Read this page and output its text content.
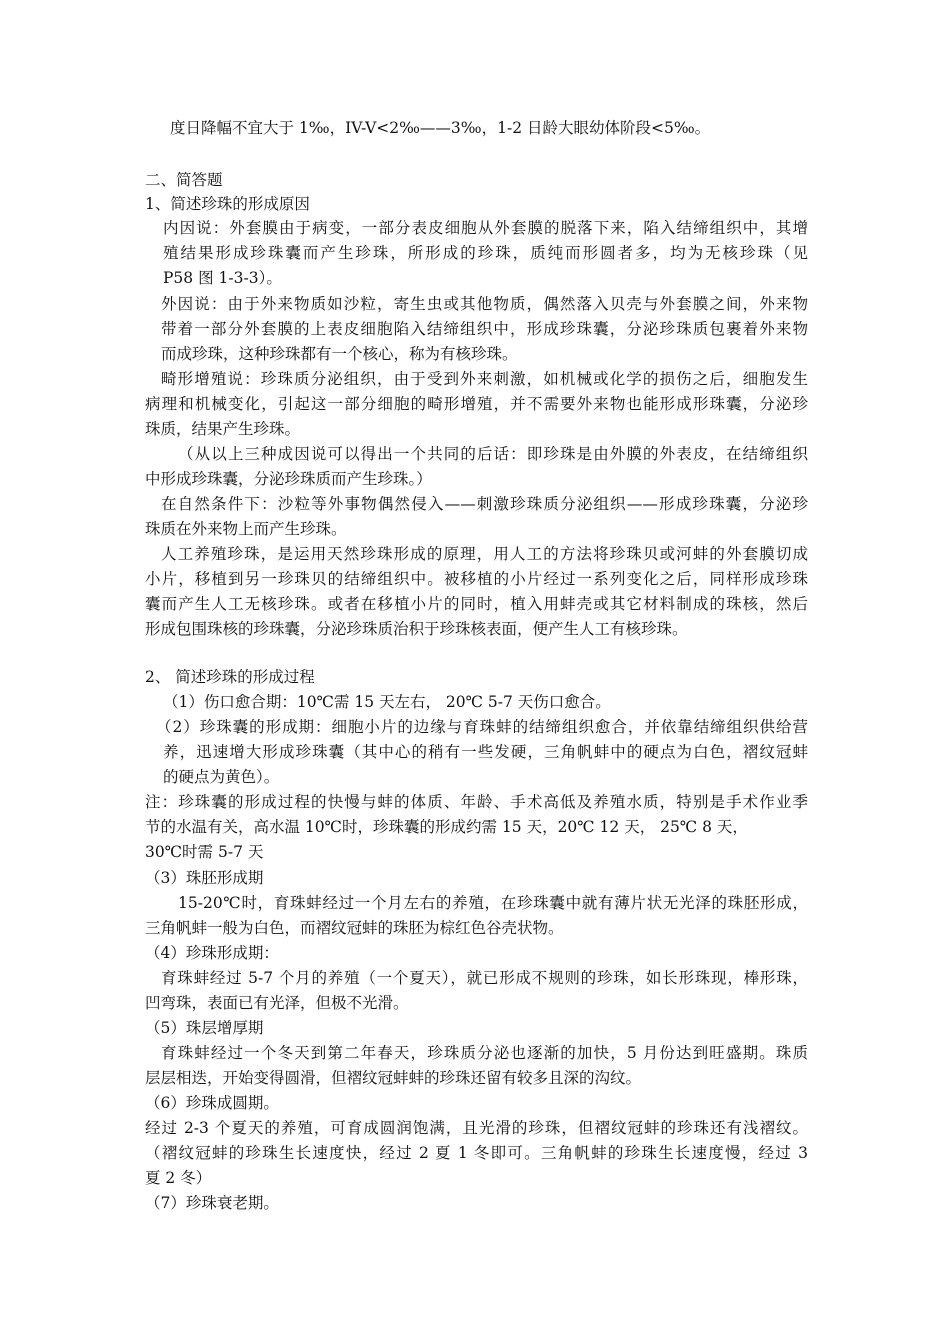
度日降幅不宜大于 1‰，IV-V<2‰——3‰，1-2 日龄大眼幼体阶段<5‰。
二、简答题
1、简述珍珠的形成原因
内因说：外套膜由于病变，一部分表皮细胞从外套膜的脱落下来，陷入结缔组织中，其增
殖结果形成珍珠囊而产生珍珠，所形成的珍珠，质纯而形圆者多，均为无核珍珠（见
P58 图 1-3-3）。
外因说：由于外来物质如沙粒，寄生虫或其他物质，偶然落入贝壳与外套膜之间，外来物
带着一部分外套膜的上表皮细胞陷入结缔组织中，形成珍珠囊，分泌珍珠质包裹着外来物
而成珍珠，这种珍珠都有一个核心，称为有核珍珠。
畸形增殖说：珍珠质分泌组织，由于受到外来刺激，如机械或化学的损伤之后，细胞发生
病理和机械变化，引起这一部分细胞的畸形增殖，并不需要外来物也能形成形珠囊，分泌珍
珠质，结果产生珍珠。
（从以上三种成因说可以得出一个共同的后话：即珍珠是由外膜的外表皮，在结缔组织
中形成珍珠囊，分泌珍珠质而产生珍珠。）
在自然条件下：沙粒等外事物偶然侵入——刺激珍珠质分泌组织——形成珍珠囊，分泌珍
珠质在外来物上而产生珍珠。
人工养殖珍珠，是运用天然珍珠形成的原理，用人工的方法将珍珠贝或河蚌的外套膜切成
小片，移植到另一珍珠贝的结缔组织中。被移植的小片经过一系列变化之后，同样形成珍珠
囊而产生人工无核珍珠。或者在移植小片的同时，植入用蚌壳或其它材料制成的珠核，然后
形成包围珠核的珍珠囊，分泌珍珠质治积于珍珠核表面，便产生人工有核珍珠。
2、 简述珍珠的形成过程
（1）伤口愈合期：10℃需 15 天左右， 20℃ 5-7 天伤口愈合。
（2）珍珠囊的形成期：细胞小片的边缘与育珠蚌的结缔组织愈合，并依靠结缔组织供给营
养，迅速增大形成珍珠囊（其中心的稍有一些发硬，三角帆蚌中的硬点为白色，褶纹冠蚌
的硬点为黄色）。
注：珍珠囊的形成过程的快慢与蚌的体质、年龄、手术高低及养殖水质，特别是手术作业季
节的水温有关，高水温 10℃时，珍珠囊的形成约需 15 天，20℃ 12 天， 25℃ 8 天，
30℃时需 5-7 天
（3）珠胚形成期
15-20℃时，育珠蚌经过一个月左右的养殖，在珍珠囊中就有薄片状无光泽的珠胚形成，
三角帆蚌一般为白色，而褶纹冠蚌的珠胚为棕红色谷壳状物。
（4）珍珠形成期：
育珠蚌经过 5-7 个月的养殖（一个夏天），就已形成不规则的珍珠，如长形珠现，棒形珠，
凹弯珠，表面已有光泽，但极不光滑。
（5）珠层增厚期
育珠蚌经过一个冬天到第二年春天，珍珠质分泌也逐渐的加快，5 月份达到旺盛期。珠质
层层相迭，开始变得圆滑，但褶纹冠蚌蚌的珍珠还留有较多且深的沟纹。
（6）珍珠成圆期。
经过 2-3 个夏天的养殖，可育成圆润饱满，且光滑的珍珠，但褶纹冠蚌的珍珠还有浅褶纹。
（褶纹冠蚌的珍珠生长速度快，经过 2 夏 1 冬即可。三角帆蚌的珍珠生长速度慢，经过 3
夏 2 冬）
（7）珍珠衰老期。
